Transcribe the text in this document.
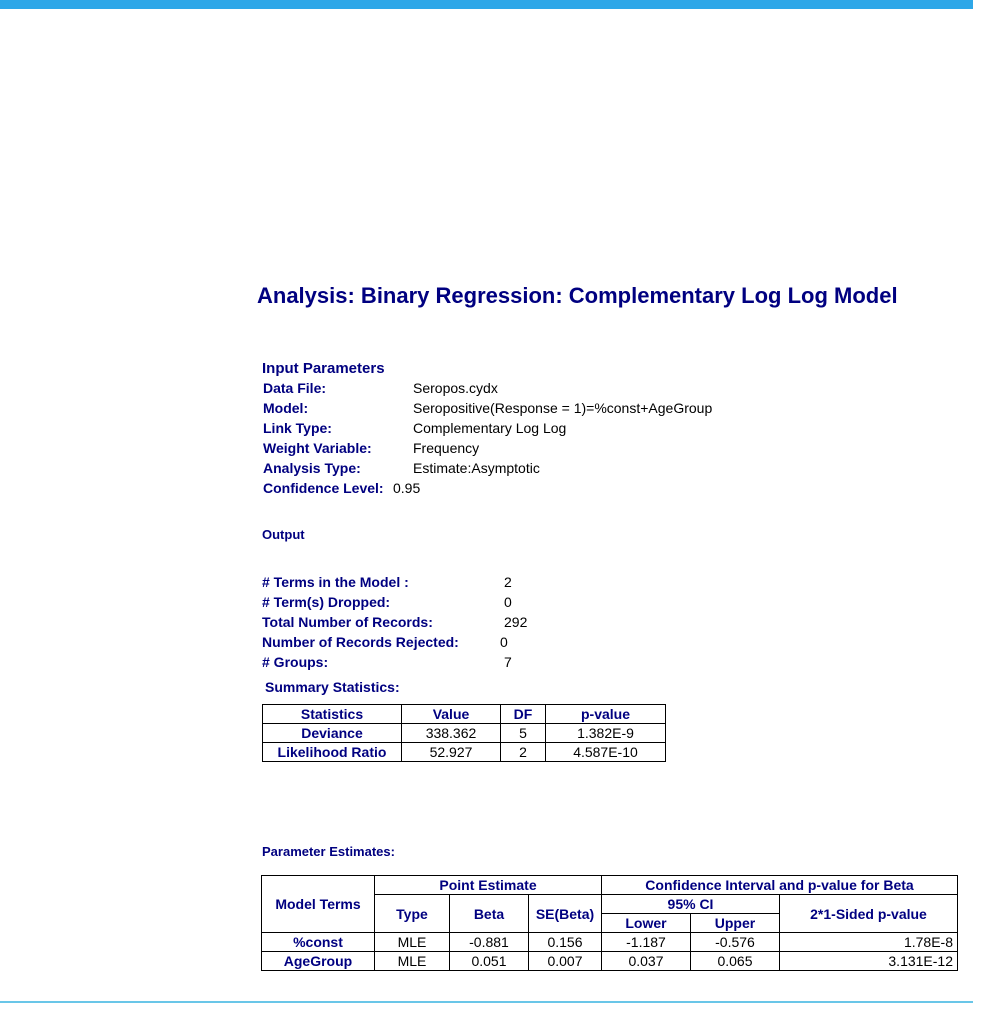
Analysis: Binary Regression: Complementary Log Log Model
Input Parameters
Data File:	Seropos.cydx
Model:	Seropositive(Response = 1)=%const+AgeGroup
Link Type:	Complementary Log Log
Weight Variable:	Frequency
Analysis Type:	Estimate:Asymptotic
Confidence Level: 0.95
Output
# Terms in the Model :	2
# Term(s) Dropped:	0
Total Number of Records:	292
Number of Records Rejected:	0
# Groups:	7
Summary Statistics:
Statistics	Value	DF	p-value
Deviance	338.362	5	1.382E-9
Likelihood Ratio	52.927	2	4.587E-10
Parameter Estimates:
Model Terms	Point Estimate			Confidence Interval and p-value for Beta		
	Type	Beta	SE(Beta)	95% CI		2*1-Sided p-value
				Lower	Upper	
%const	MLE	-0.881	0.156	-1.187	-0.576	1.78E-8
AgeGroup	MLE	0.051	0.007	0.037	0.065	3.131E-12
